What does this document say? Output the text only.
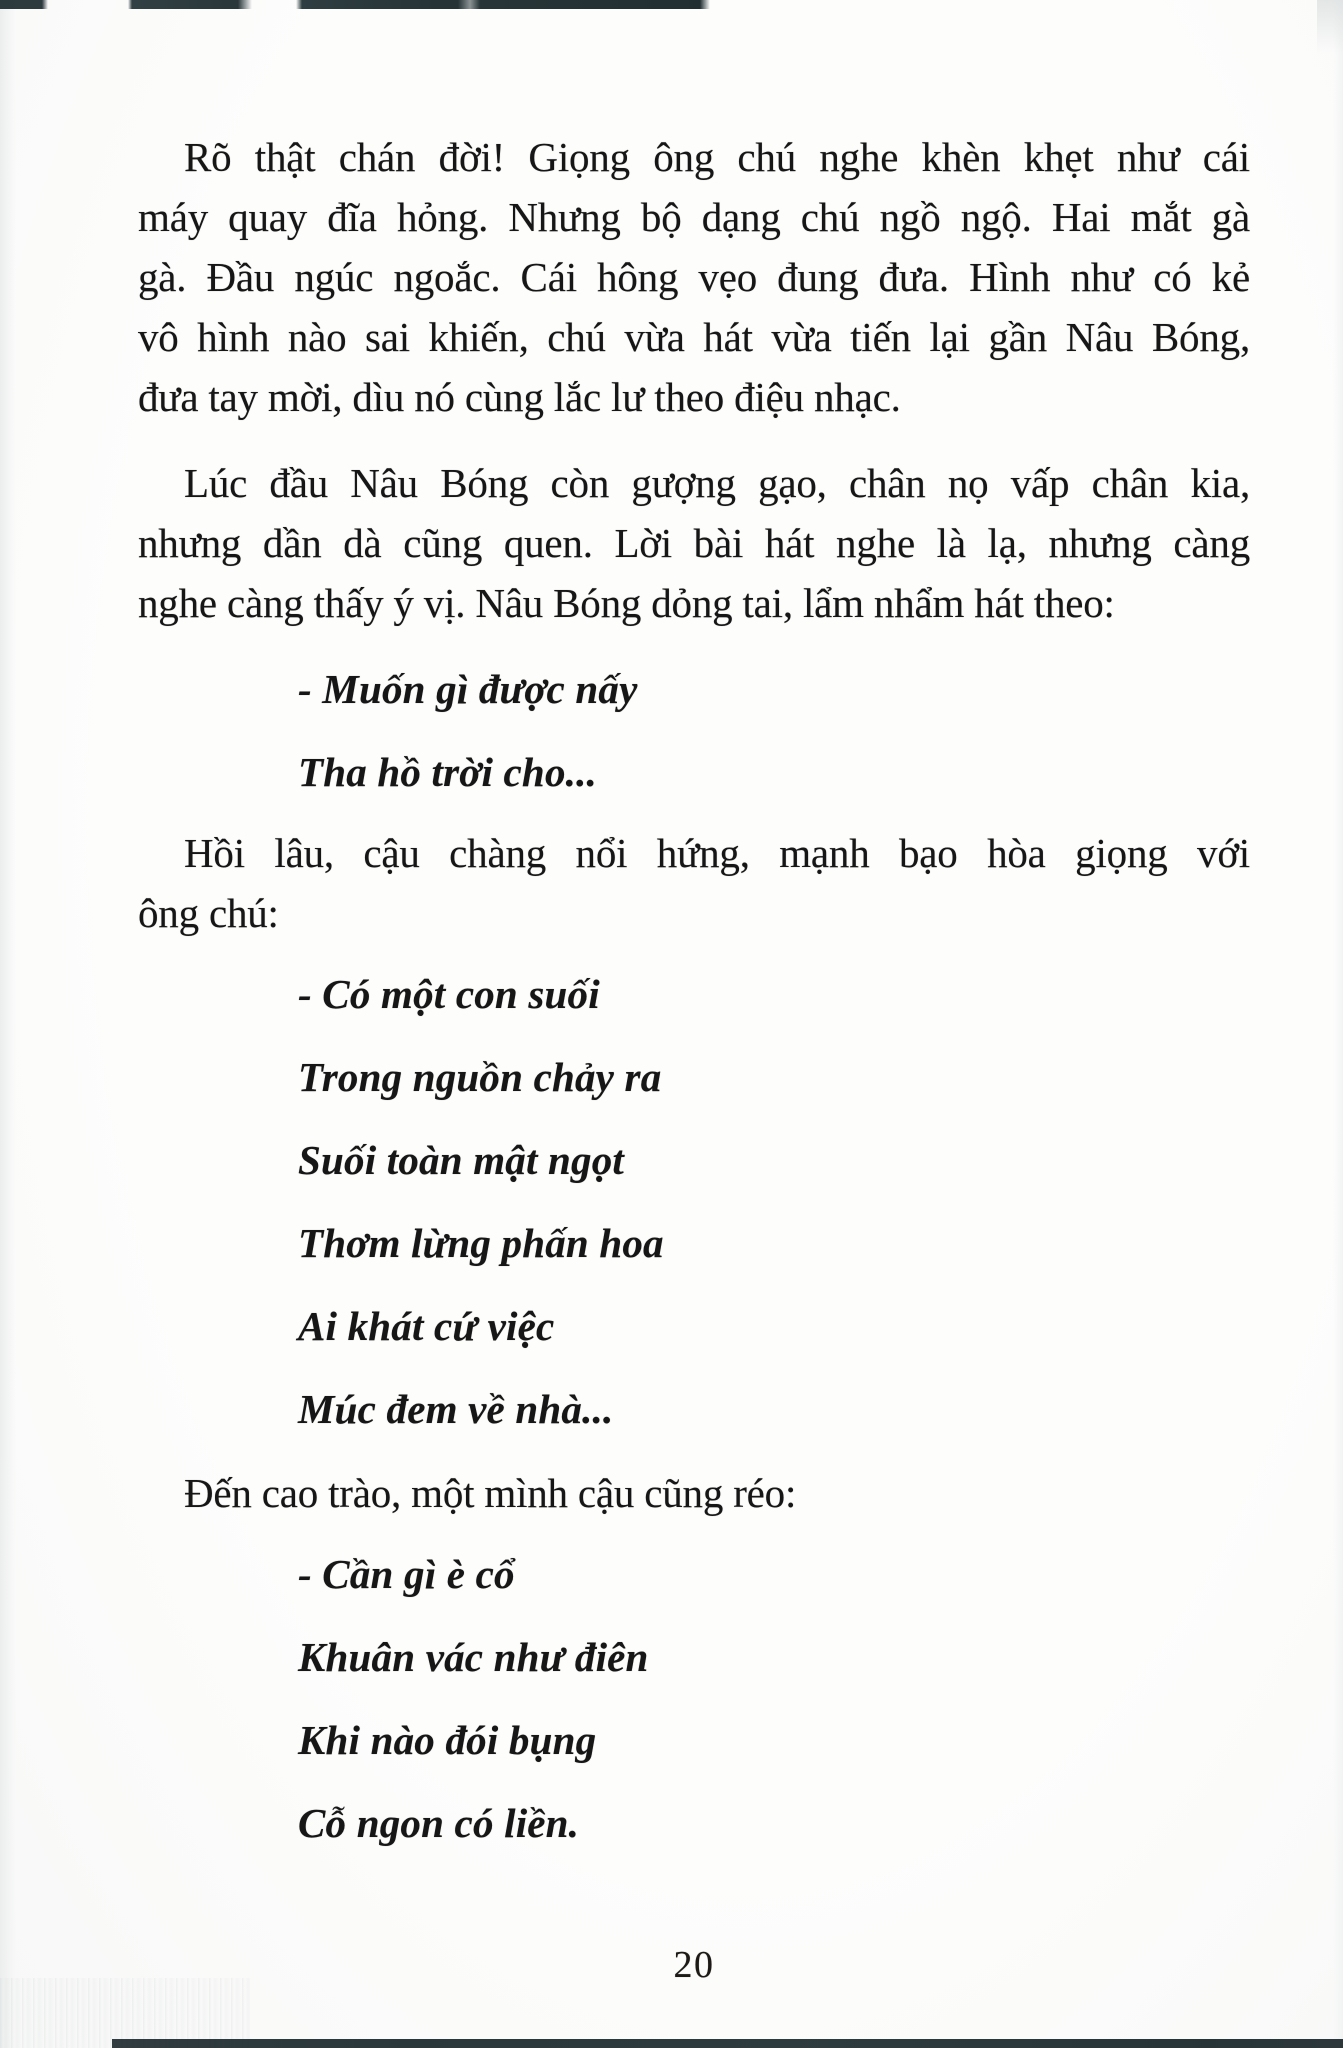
Rõ thật chán đời! Giọng ông chú nghe khèn khẹt như cái
máy quay đĩa hỏng. Nhưng bộ dạng chú ngồ ngộ. Hai mắt gà
gà. Đầu ngúc ngoắc. Cái hông vẹo đung đưa. Hình như có kẻ
vô hình nào sai khiến, chú vừa hát vừa tiến lại gần Nâu Bóng,
đưa tay mời, dìu nó cùng lắc lư theo điệu nhạc.

Lúc đầu Nâu Bóng còn gượng gạo, chân nọ vấp chân kia,
nhưng dần dà cũng quen. Lời bài hát nghe là lạ, nhưng càng
nghe càng thấy ý vị. Nâu Bóng dỏng tai, lẩm nhẩm hát theo:

- Muốn gì được nấy
Tha hồ trời cho...

Hồi lâu, cậu chàng nổi hứng, mạnh bạo hòa giọng với
ông chú:

- Có một con suối
Trong nguồn chảy ra
Suối toàn mật ngọt
Thơm lừng phấn hoa
Ai khát cứ việc
Múc đem về nhà...

Đến cao trào, một mình cậu cũng réo:

- Cần gì è cổ
Khuân vác như điên
Khi nào đói bụng
Cỗ ngon có liền.
20
